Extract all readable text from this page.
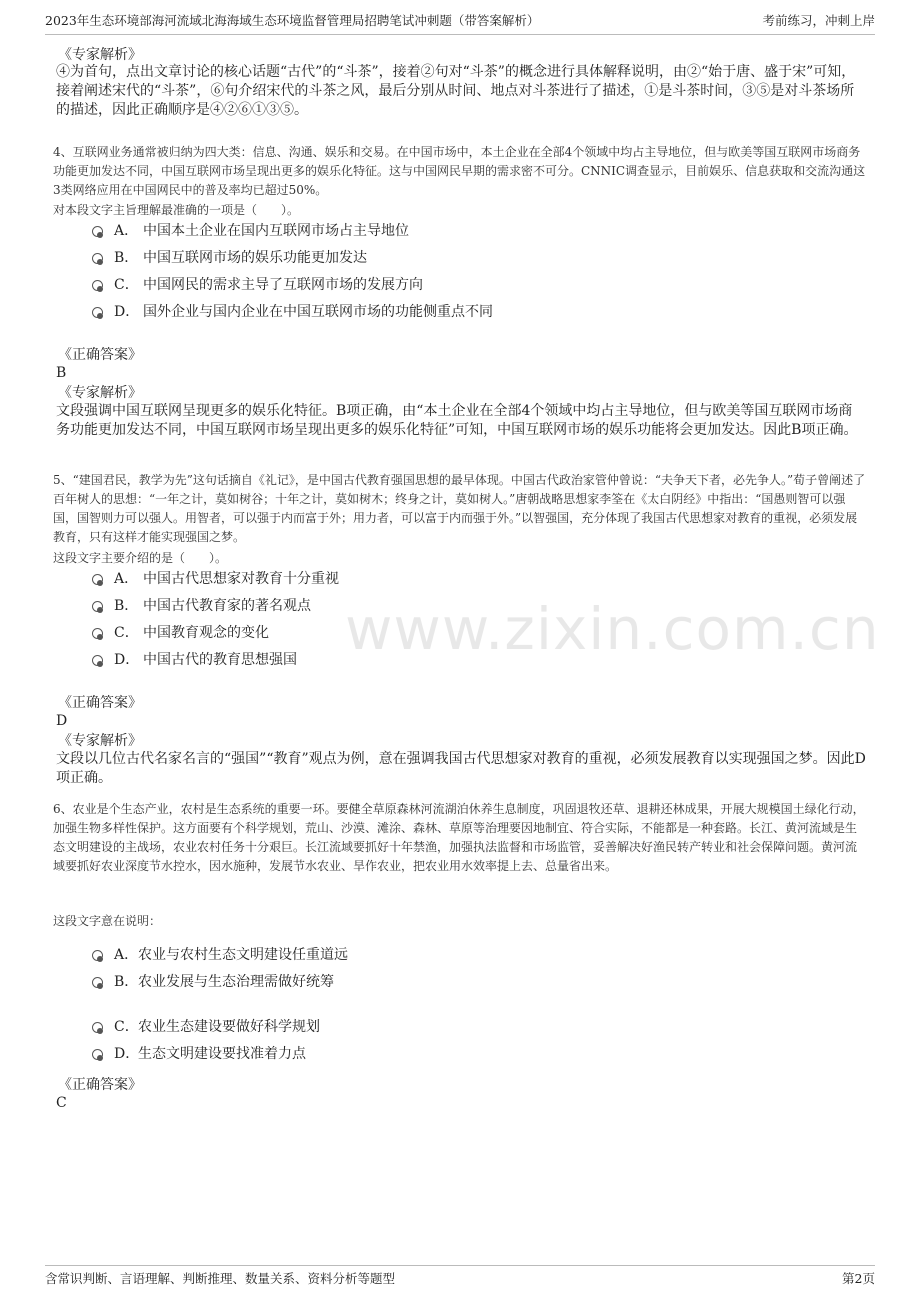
2023年生态环境部海河流域北海海域生态环境监督管理局招聘笔试冲刺题（带答案解析）	考前练习，冲刺上岸
www.zixin.com.cn
《专家解析》
④为首句，点出文章讨论的核心话题“古代”的“斗茶”，接着②句对“斗茶”的概念进行具体解释说明，由②“始于唐、盛于宋”可知，接着阐述宋代的“斗茶”，⑥句介绍宋代的斗茶之风，最后分别从时间、地点对斗茶进行了描述，①是斗茶时间，③⑤是对斗茶场所的描述，因此正确顺序是④②⑥①③⑤。
4、互联网业务通常被归纳为四大类：信息、沟通、娱乐和交易。在中国市场中，本土企业在全部4个领域中均占主导地位，但与欧美等国互联网市场商务功能更加发达不同，中国互联网市场呈现出更多的娱乐化特征。这与中国网民早期的需求密不可分。CNNIC调查显示，目前娱乐、信息获取和交流沟通这3类网络应用在中国网民中的普及率均已超过50%。
对本段文字主旨理解最准确的一项是（　　）。
A． 中国本土企业在国内互联网市场占主导地位
B． 中国互联网市场的娱乐功能更加发达
C． 中国网民的需求主导了互联网市场的发展方向
D． 国外企业与国内企业在中国互联网市场的功能侧重点不同
《正确答案》
B
《专家解析》
文段强调中国互联网呈现更多的娱乐化特征。B项正确，由“本土企业在全部4个领域中均占主导地位，但与欧美等国互联网市场商务功能更加发达不同，中国互联网市场呈现出更多的娱乐化特征”可知，中国互联网市场的娱乐功能将会更加发达。因此B项正确。
5、“建国君民，教学为先”这句话摘自《礼记》，是中国古代教育强国思想的最早体现。中国古代政治家管仲曾说：“夫争天下者，必先争人。”荀子曾阐述了百年树人的思想：“一年之计，莫如树谷；十年之计，莫如树木；终身之计，莫如树人。”唐朝战略思想家李筌在《太白阴经》中指出：“国愚则智可以强国，国智则力可以强人。用智者，可以强于内而富于外；用力者，可以富于内而强于外。”以智强国，充分体现了我国古代思想家对教育的重视，必须发展教育，只有这样才能实现强国之梦。
这段文字主要介绍的是（　　）。
A． 中国古代思想家对教育十分重视
B． 中国古代教育家的著名观点
C． 中国教育观念的变化
D． 中国古代的教育思想强国
《正确答案》
D
《专家解析》
文段以几位古代名家名言的“强国”“教育”观点为例，意在强调我国古代思想家对教育的重视，必须发展教育以实现强国之梦。因此D项正确。
6、农业是个生态产业，农村是生态系统的重要一环。要健全草原森林河流湖泊休养生息制度，巩固退牧还草、退耕还林成果，开展大规模国土绿化行动，加强生物多样性保护。这方面要有个科学规划，荒山、沙漠、滩涂、森林、草原等治理要因地制宜、符合实际，不能都是一种套路。长江、黄河流域是生态文明建设的主战场，农业农村任务十分艰巨。长江流域要抓好十年禁渔，加强执法监督和市场监管，妥善解决好渔民转产转业和社会保障问题。黄河流域要抓好农业深度节水控水，因水施种，发展节水农业、旱作农业，把农业用水效率提上去、总量省出来。
这段文字意在说明：
A． 农业与农村生态文明建设任重道远
B． 农业发展与生态治理需做好统筹
C． 农业生态建设要做好科学规划
D．
生态文明建设要找准着力点
《正确答案》
C
含常识判断、言语理解、判断推理、数量关系、资料分析等题型	第2页
